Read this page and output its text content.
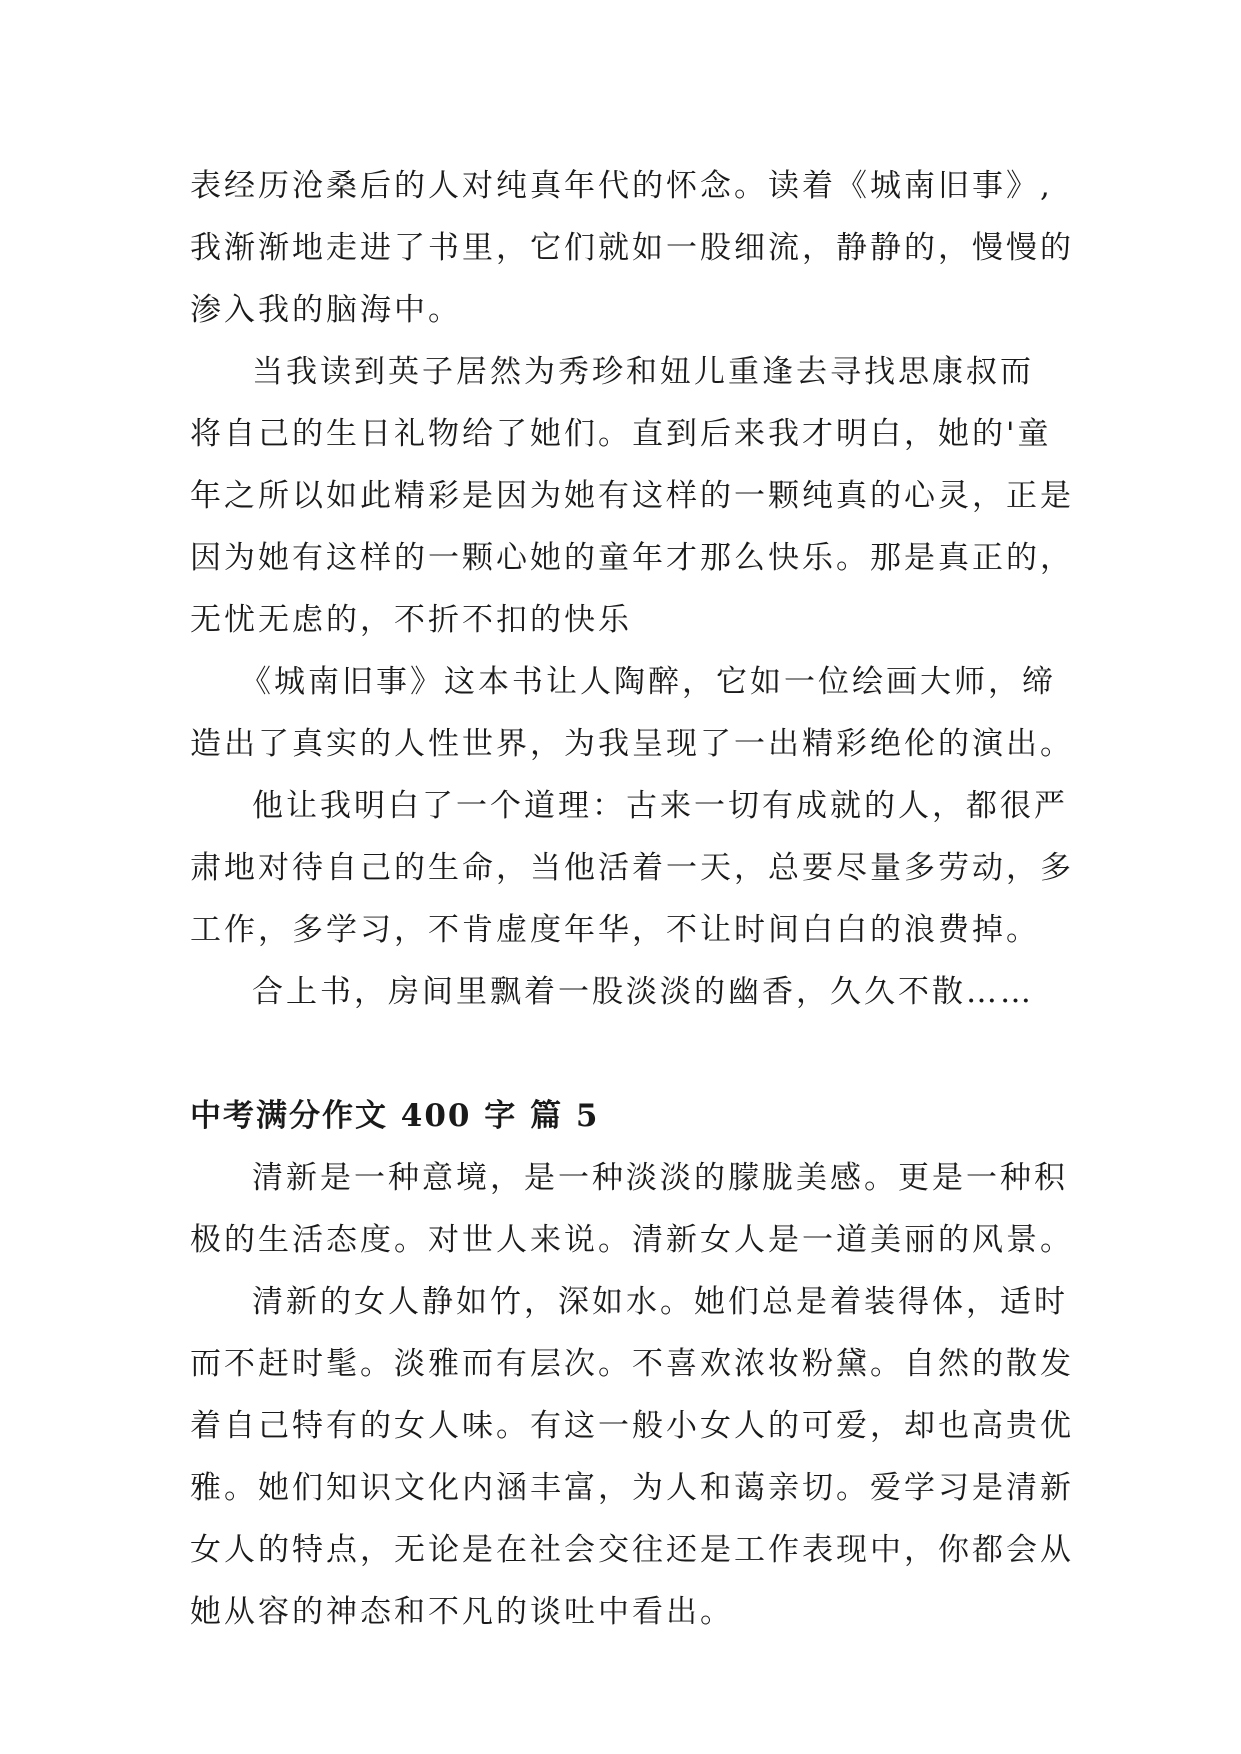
表经历沧桑后的人对纯真年代的怀念。读着《城南旧事》,
我渐渐地走进了书里，它们就如一股细流，静静的，慢慢的
渗入我的脑海中。

当我读到英子居然为秀珍和妞儿重逢去寻找思康叔而
将自己的生日礼物给了她们。直到后来我才明白，她的'童
年之所以如此精彩是因为她有这样的一颗纯真的心灵，正是
因为她有这样的一颗心她的童年才那么快乐。那是真正的，
无忧无虑的，不折不扣的快乐

《城南旧事》这本书让人陶醉，它如一位绘画大师，缔
造出了真实的人性世界，为我呈现了一出精彩绝伦的演出。

他让我明白了一个道理：古来一切有成就的人，都很严
肃地对待自己的生命，当他活着一天，总要尽量多劳动，多
工作，多学习，不肯虚度年华，不让时间白白的浪费掉。

合上书，房间里飘着一股淡淡的幽香，久久不散……

中考满分作文 400 字 篇 5

清新是一种意境，是一种淡淡的朦胧美感。更是一种积
极的生活态度。对世人来说。清新女人是一道美丽的风景。

清新的女人静如竹，深如水。她们总是着装得体，适时
而不赶时髦。淡雅而有层次。不喜欢浓妆粉黛。自然的散发
着自己特有的女人味。有这一般小女人的可爱，却也高贵优
雅。她们知识文化内涵丰富，为人和蔼亲切。爱学习是清新
女人的特点，无论是在社会交往还是工作表现中，你都会从
她从容的神态和不凡的谈吐中看出。
